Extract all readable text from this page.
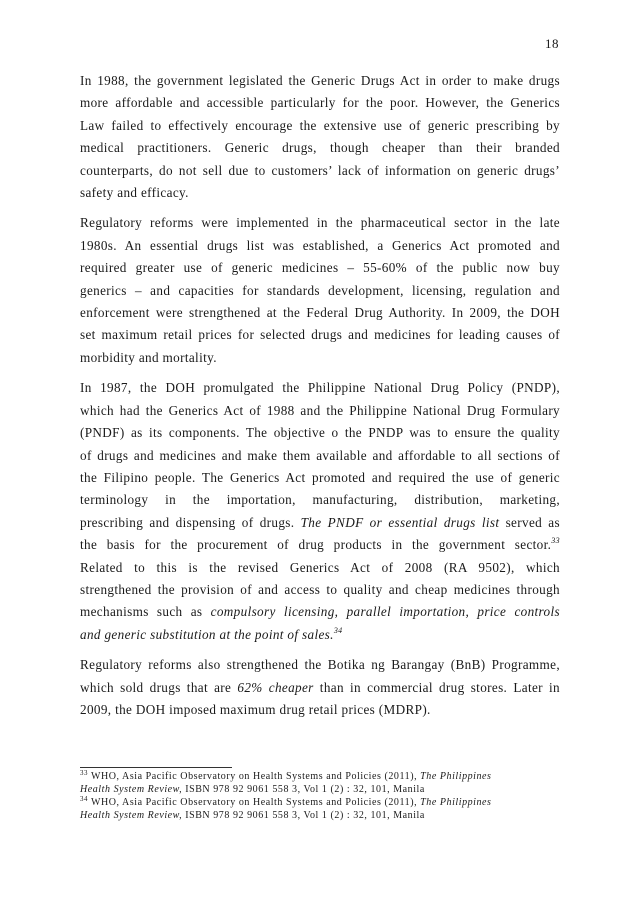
18

In 1988, the government legislated the Generic Drugs Act in order to make drugs
more affordable and accessible particularly for the poor. However, the Generics
Law failed to effectively encourage the extensive use of generic prescribing by
medical practitioners. Generic drugs, though cheaper than their branded
counterparts, do not sell due to customers’ lack of information on generic drugs’
safety and efficacy.

Regulatory reforms were implemented in the pharmaceutical sector in the late
1980s. An essential drugs list was established, a Generics Act promoted and
required greater use of generic medicines – 55-60% of the public now buy
generics – and capacities for standards development, licensing, regulation and
enforcement were strengthened at the Federal Drug Authority. In 2009, the DOH
set maximum retail prices for selected drugs and medicines for leading causes of
morbidity and mortality.

In 1987, the DOH promulgated the Philippine National Drug Policy (PNDP),
which had the Generics Act of 1988 and the Philippine National Drug Formulary
(PNDF) as its components. The objective o the PNDP was to ensure the quality
of drugs and medicines and make them available and affordable to all sections of
the Filipino people. The Generics Act promoted and required the use of generic
terminology in the importation, manufacturing, distribution, marketing,
prescribing and dispensing of drugs. The PNDF or essential drugs list served as
the basis for the procurement of drug products in the government sector.$^{33}$
Related to this is the revised Generics Act of 2008 (RA 9502), which
strengthened the provision of and access to quality and cheap medicines through
mechanisms such as compulsory licensing, parallel importation, price controls
and generic substitution at the point of sales.$^{34}$

Regulatory reforms also strengthened the Botika ng Barangay (BnB) Programme,
which sold drugs that are 62% cheaper than in commercial drug stores. Later in
2009, the DOH imposed maximum drug retail prices (MDRP).

$^{33}$ WHO, Asia Pacific Observatory on Health Systems and Policies (2011), The Philippines

Health System Review, ISBN 978 92 9061 558 3, Vol 1 (2) : 32, 101, Manila

$^{34}$ WHO, Asia Pacific Observatory on Health Systems and Policies (2011), The Philippines

Health System Review, ISBN 978 92 9061 558 3, Vol 1 (2) : 32, 101, Manila
